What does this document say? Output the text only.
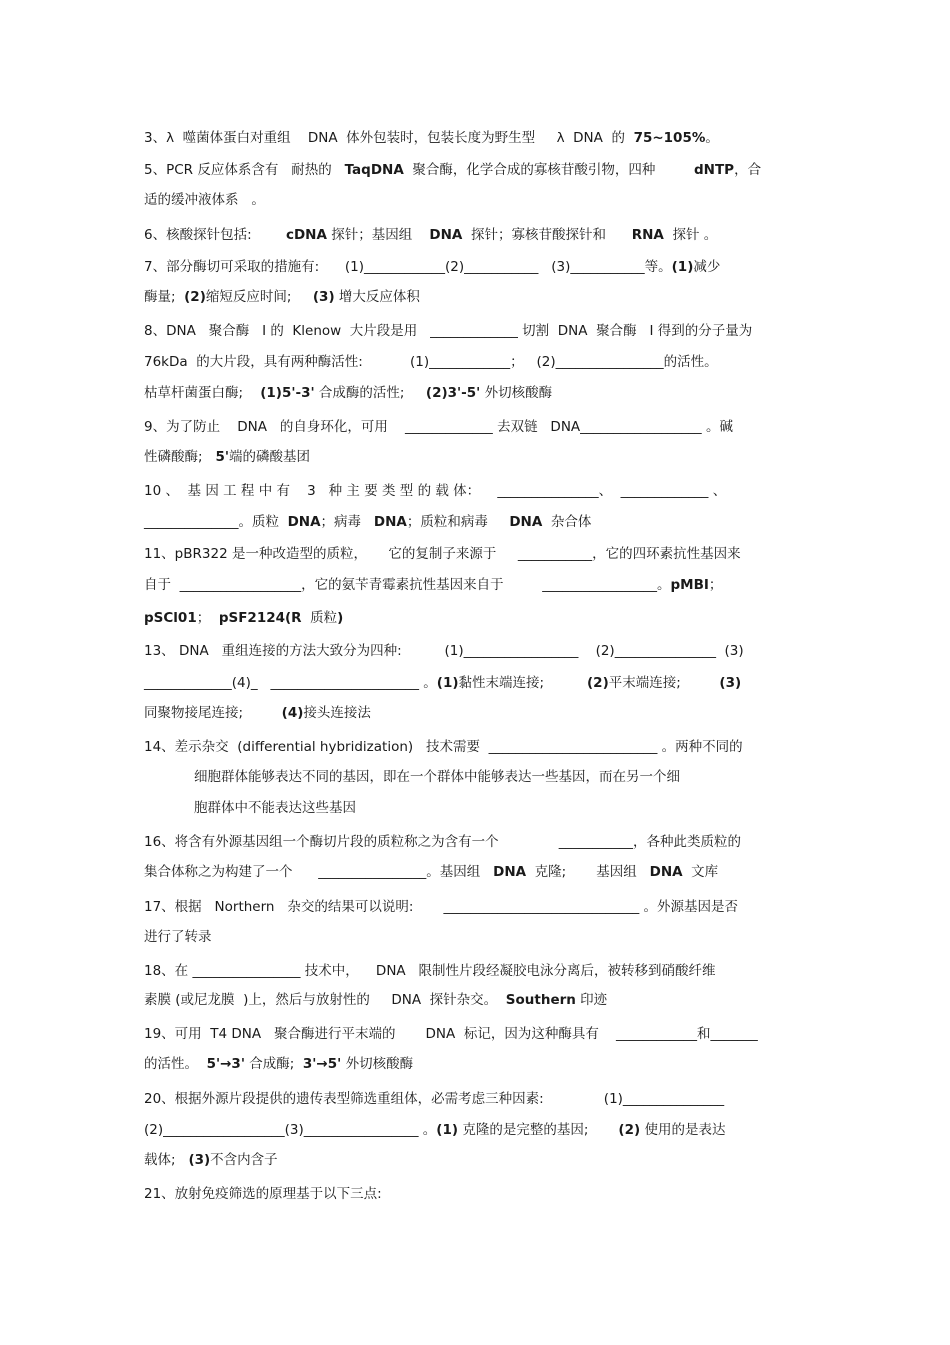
3、λ  噬菌体蛋白对重组    DNA  体外包装时，包装长度为野生型     λ  DNA  的  75~105%。
5、PCR 反应体系含有   耐热的   TaqDNA  聚合酶，化学合成的寡核苷酸引物，四种         dNTP，合
适的缓冲液体系   。
6、核酸探针包括:        cDNA 探针；基因组    DNA  探针；寡核苷酸探针和      RNA  探针 。
7、部分酶切可采取的措施有:      (1)____________(2)___________   (3)___________等。(1)减少
酶量;  (2)缩短反应时间;     (3) 增大反应体积
8、DNA   聚合酶   I 的  Klenow  大片段是用   _____________ 切割  DNA  聚合酶   I 得到的分子量为
76kDa  的大片段，具有两种酶活性:           (1)____________；   (2)________________的活性。
枯草杆菌蛋白酶;    (1)5'-3' 合成酶的活性;     (2)3'-5' 外切核酸酶
9、为了防止    DNA   的自身环化，可用    _____________ 去双链   DNA__________________ 。碱
性磷酸酶;   5'端的磷酸基团
10 、  基 因 工 程 中 有    3   种 主 要 类 型 的 载 体：    _______________、  _____________ 、
______________。质粒  DNA；病毒   DNA；质粒和病毒     DNA  杂合体
11、pBR322 是一种改造型的质粒，     它的复制子来源于     ___________，它的四环素抗性基因来
自于  __________________，它的氨苄青霉素抗性基因来自于         _________________。pMBI；
pSCl01；  pSF2124(R  质粒)
13、 DNA   重组连接的方法大致分为四种:          (1)_________________    (2)_______________  (3)
_____________(4)_   ______________________ 。(1)黏性末端连接;          (2)平末端连接;         (3)
同聚物接尾连接;         (4)接头连接法
14、差示杂交  (differential hybridization)   技术需要  _________________________ 。两种不同的
细胞群体能够表达不同的基因，即在一个群体中能够表达一些基因，而在另一个细
胞群体中不能表达这些基因
16、将含有外源基因组一个酶切片段的质粒称之为含有一个              ___________，各种此类质粒的
集合体称之为构建了一个      ________________。基因组   DNA  克隆;       基因组   DNA  文库
17、根据   Northern   杂交的结果可以说明:       _____________________________ 。外源基因是否
进行了转录
18、在 ________________ 技术中，    DNA   限制性片段经凝胶电泳分离后，被转移到硝酸纤维
素膜 (或尼龙膜  )上，然后与放射性的     DNA  探针杂交。  Southern 印迹
19、可用  T4 DNA   聚合酶进行平末端的       DNA  标记，因为这种酶具有    ____________和_______
的活性。  5'→3' 合成酶;  3'→5' 外切核酸酶
20、根据外源片段提供的遗传表型筛选重组体，必需考虑三种因素:              (1)_______________
(2)__________________(3)_________________ 。(1) 克隆的是完整的基因;       (2) 使用的是表达
载体;   (3)不含内含子
21、放射免疫筛选的原理基于以下三点:
